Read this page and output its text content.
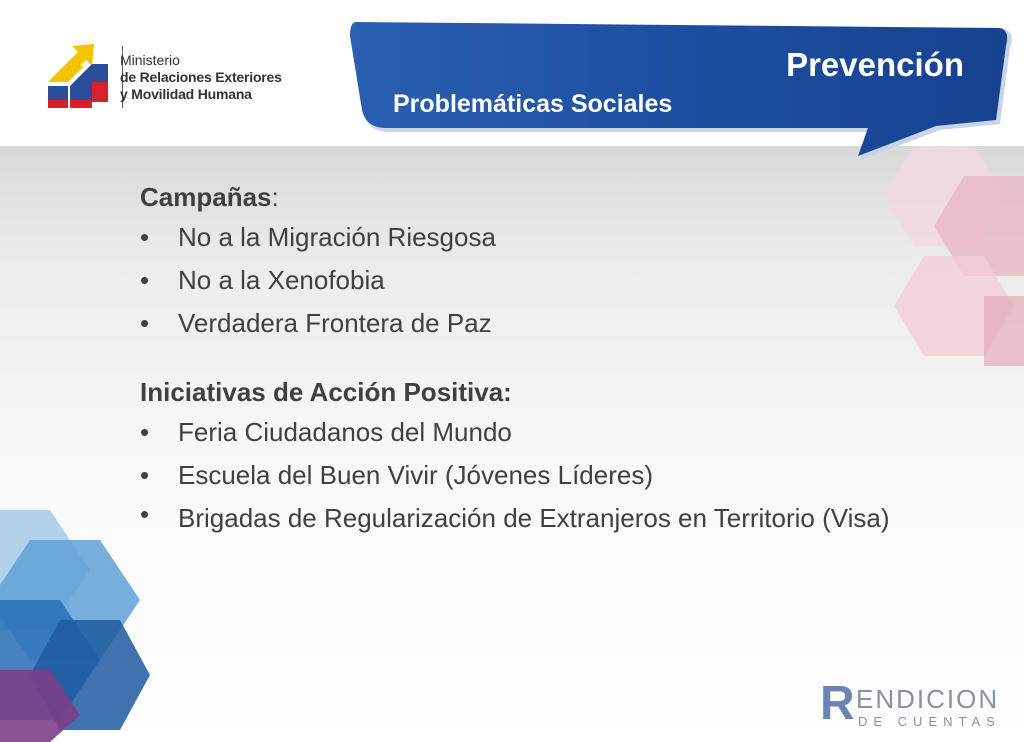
Ministerio
de Relaciones Exteriores
y Movilidad Humana
Prevención
Problemáticas Sociales

Campañas:

• No a la Migración Riesgosa
• No a la Xenofobia
• Verdadera Frontera de Paz

Iniciativas de Acción Positiva:

• Feria Ciudadanos del Mundo
• Escuela del Buen Vivir (Jóvenes Líderes)
• Brigadas de Regularización de Extranjeros en Territorio (Visa)
R ENDICION
DE CUENTAS
